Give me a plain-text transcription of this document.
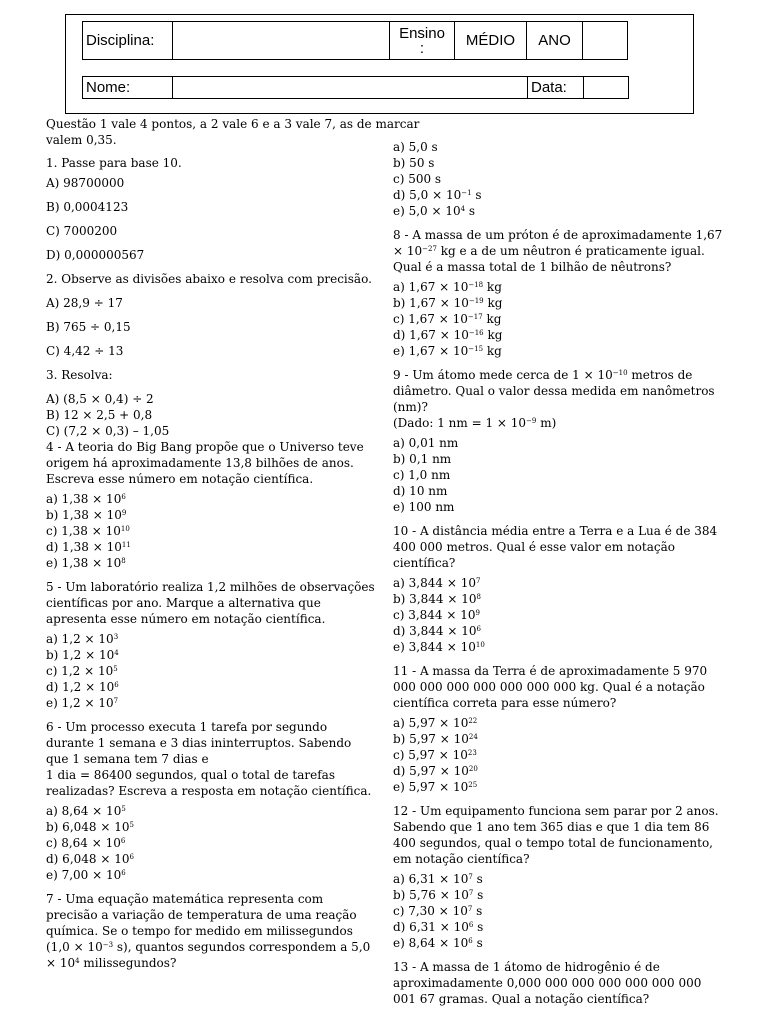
Disciplina:		Ensino
:	MÉDIO	ANO	
Nome:		Data:	

Questão 1 vale 4 pontos, a 2 vale 6 e a 3 vale 7, as de marcar valem 0,35.

1. Passe para base 10.

A) 98700000

B) 0,0004123

C) 7000200

D) 0,000000567

2. Observe as divisões abaixo e resolva com precisão.

A) 28,9 ÷ 17

B) 765 ÷ 0,15

C) 4,42 ÷ 13

3. Resolva:

A) (8,5 × 0,4) ÷ 2

B) 12 × 2,5 + 0,8

C) (7,2 × 0,3) – 1,05

4 - A teoria do Big Bang propõe que o Universo teve origem há aproximadamente 13,8 bilhões de anos. Escreva esse número em notação científica.

a) $1,38 \times 10^6$

b) $1,38 \times 10^9$

c) $1,38 \times 10^{10}$

d) $1,38 \times 10^{11}$

e) $1,38 \times 10^8$

5 - Um laboratório realiza 1,2 milhões de observações científicas por ano. Marque a alternativa que apresenta esse número em notação científica.

a) $1,2 \times 10^3$

b) $1,2 \times 10^4$

c) $1,2 \times 10^5$

d) $1,2 \times 10^6$

e) $1,2 \times 10^7$

6 - Um processo executa 1 tarefa por segundo durante 1 semana e 3 dias ininterruptos. Sabendo que 1 semana tem 7 dias e

1 dia = 86400 segundos, qual o total de tarefas realizadas? Escreva a resposta em notação científica.

a) $8,64 \times 10^5$

b) $6,048 \times 10^5$

c) $8,64 \times 10^6$

d) $6,048 \times 10^6$

e) $7,00 \times 10^6$

7 - Uma equação matemática representa com precisão a variação de temperatura de uma reação química. Se o tempo for medido em milissegundos ($1,0 \times 10^{-3}$ s), quantos segundos correspondem a $5,0 \times 10^4$ milissegundos?

a) 5,0 s

b) 50 s

c) 500 s

d) $5,0 \times 10^{-1}$ s

e) $5,0 \times 10^4$ s

8 - A massa de um próton é de aproximadamente $1,67 \times 10^{-27}$ kg e a de um nêutron é praticamente igual. Qual é a massa total de 1 bilhão de nêutrons?

a) $1,67 \times 10^{-18}$ kg

b) $1,67 \times 10^{-19}$ kg

c) $1,67 \times 10^{-17}$ kg

d) $1,67 \times 10^{-16}$ kg

e) $1,67 \times 10^{-15}$ kg

9 - Um átomo mede cerca de $1 \times 10^{-10}$ metros de diâmetro. Qual o valor dessa medida em nanômetros (nm)?

(Dado: 1 nm = $1 \times 10^{-9}$ m)

a) 0,01 nm

b) 0,1 nm

c) 1,0 nm

d) 10 nm

e) 100 nm

10 - A distância média entre a Terra e a Lua é de 384 400 000 metros. Qual é esse valor em notação científica?

a) $3,844 \times 10^7$

b) $3,844 \times 10^8$

c) $3,844 \times 10^9$

d) $3,844 \times 10^6$

e) $3,844 \times 10^{10}$

11 - A massa da Terra é de aproximadamente 5 970 000 000 000 000 000 000 000 kg. Qual é a notação científica correta para esse número?

a) $5,97 \times 10^{22}$

b) $5,97 \times 10^{24}$

c) $5,97 \times 10^{23}$

d) $5,97 \times 10^{20}$

e) $5,97 \times 10^{25}$

12 - Um equipamento funciona sem parar por 2 anos. Sabendo que 1 ano tem 365 dias e que 1 dia tem 86 400 segundos, qual o tempo total de funcionamento, em notação científica?

a) $6,31 \times 10^7$ s

b) $5,76 \times 10^7$ s

c) $7,30 \times 10^7$ s

d) $6,31 \times 10^6$ s

e) $8,64 \times 10^6$ s

13 - A massa de 1 átomo de hidrogênio é de aproximadamente 0,000 000 000 000 000 000 000 001 67 gramas. Qual a notação científica?
